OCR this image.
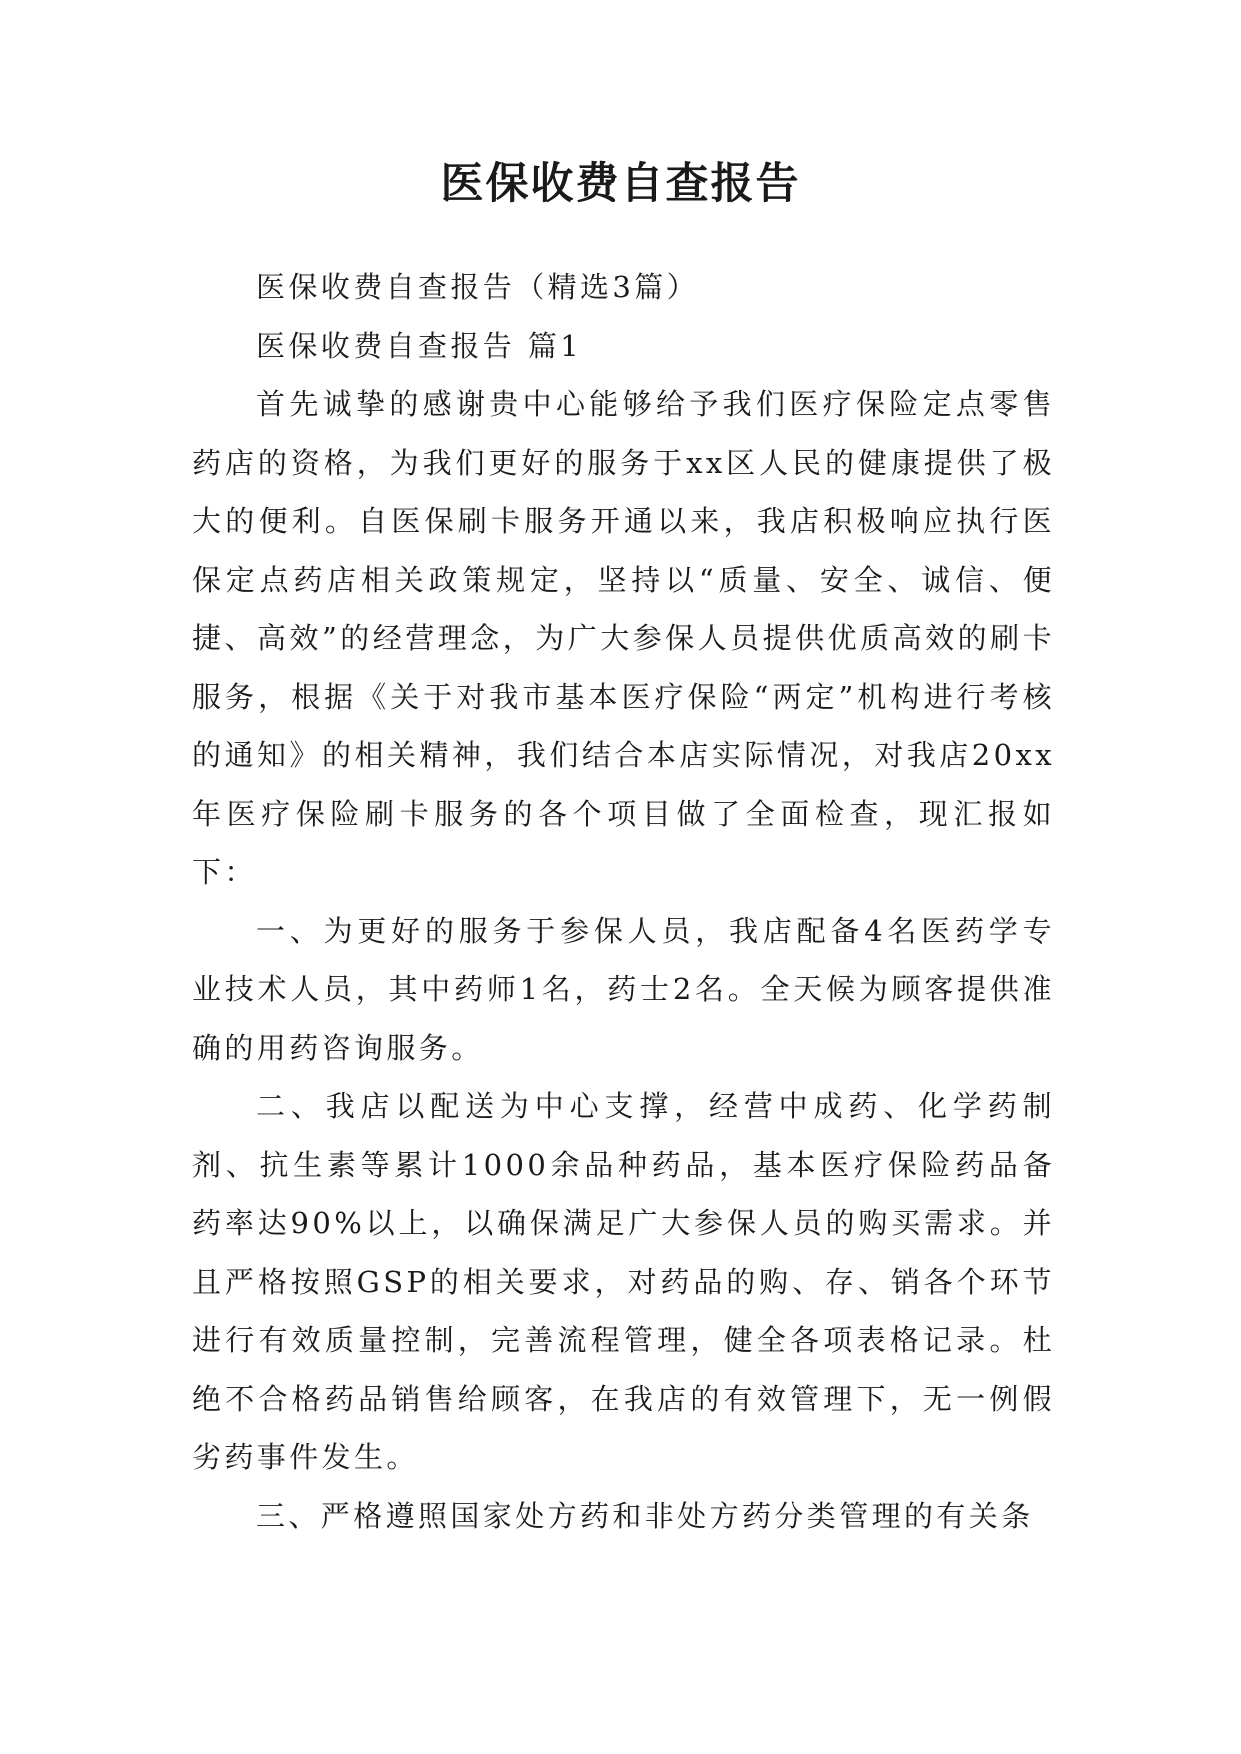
医保收费自查报告

医保收费自查报告（精选3篇）

医保收费自查报告 篇1

首先诚挚的感谢贵中心能够给予我们医疗保险定点零售药店的资格，为我们更好的服务于xx区人民的健康提供了极大的便利。自医保刷卡服务开通以来，我店积极响应执行医保定点药店相关政策规定，坚持以“质量、安全、诚信、便捷、高效”的经营理念，为广大参保人员提供优质高效的刷卡服务，根据《关于对我市基本医疗保险“两定”机构进行考核的通知》的相关精神，我们结合本店实际情况，对我店20xx年医疗保险刷卡服务的各个项目做了全面检查，现汇报如下：

一、为更好的服务于参保人员，我店配备4名医药学专业技术人员，其中药师1名，药士2名。全天候为顾客提供准确的用药咨询服务。

二、我店以配送为中心支撑，经营中成药、化学药制剂、抗生素等累计1000余品种药品，基本医疗保险药品备药率达90%以上，以确保满足广大参保人员的购买需求。并且严格按照GSP的相关要求，对药品的购、存、销各个环节进行有效质量控制，完善流程管理，健全各项表格记录。杜绝不合格药品销售给顾客，在我店的有效管理下，无一例假劣药事件发生。

三、严格遵照国家处方药和非处方药分类管理的有关条
